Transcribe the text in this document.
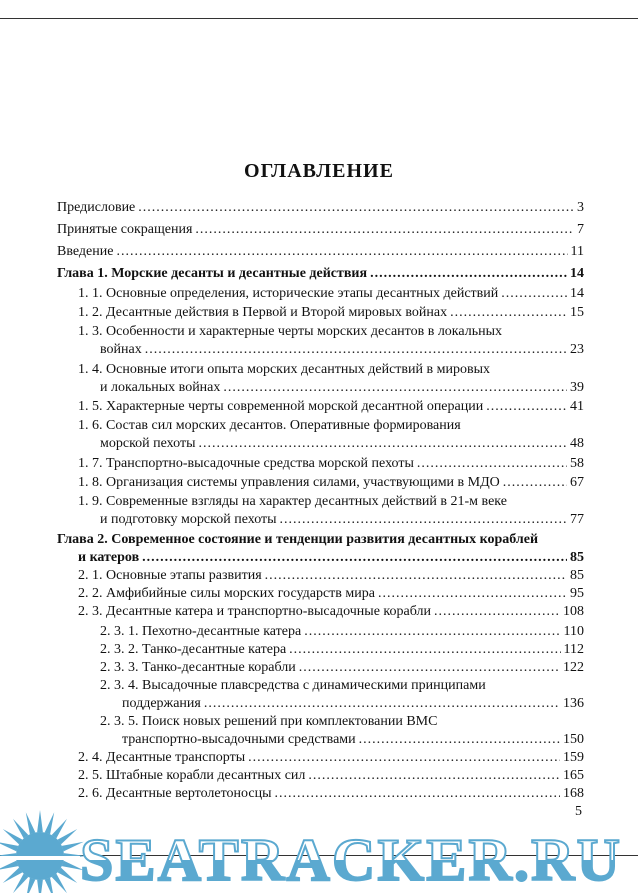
ОГЛАВЛЕНИЕ
Предисловие .....	3
Принятые сокращения .....	7
Введение .....	11
Глава 1. Морские десанты и десантные действия .....	14
1. 1. Основные определения, исторические этапы десантных действий .....	14
1. 2. Десантные действия в Первой и Второй мировых войнах .....	15
1. 3. Особенности и характерные черты морских десантов в локальных
войнах .....	23
1. 4. Основные итоги опыта морских десантных действий в мировых
и локальных войнах .....	39
1. 5. Характерные черты современной морской десантной операции .....	41
1. 6. Состав сил морских десантов. Оперативные формирования
морской пехоты .....	48
1. 7. Транспортно-высадочные средства морской пехоты .....	58
1. 8. Организация системы управления силами, участвующими в МДО .....	67
1. 9. Современные взгляды на характер десантных действий в 21-м веке
и подготовку морской пехоты .....	77
Глава 2. Современное состояние и тенденции развития десантных кораблей
и катеров .....	85
2. 1. Основные этапы развития .....	85
2. 2. Амфибийные силы морских государств мира .....	95
2. 3. Десантные катера и транспортно-высадочные корабли .....	108
2. 3. 1. Пехотно-десантные катера .....	110
2. 3. 2. Танко-десантные катера .....	112
2. 3. 3. Танко-десантные корабли .....	122
2. 3. 4. Высадочные плавсредства с динамическими принципами
поддержания .....	136
2. 3. 5. Поиск новых решений при комплектовании ВМС
транспортно-высадочными средствами .....	150
2. 4. Десантные транспорты .....	159
2. 5. Штабные корабли десантных сил .....	165
2. 6. Десантные вертолетоносцы .....	168
5
SEATRACKER.RU
